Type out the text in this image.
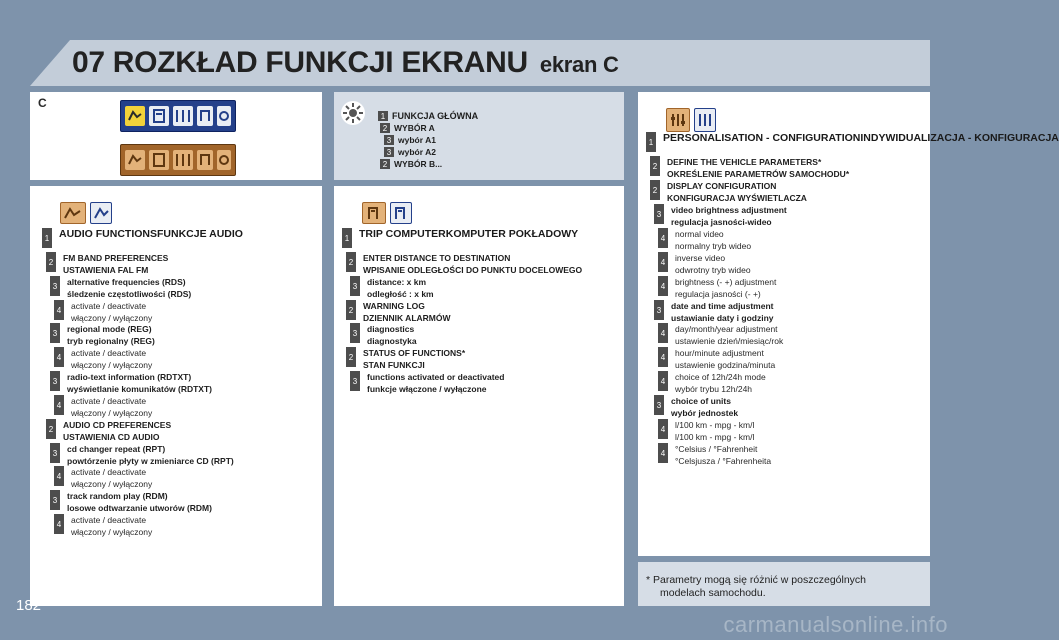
07 ROZKŁAD FUNKCJI EKRANU ekran C
C
1 FUNKCJA GŁÓWNA
2 WYBÓR A
3 wybór A1
3 wybór A2
2 WYBÓR B...
1 AUDIO FUNCTIONSFUNKCJE AUDIO
2	FM BAND PREFERENCES
USTAWIENIA FAL FM
3	alternative frequencies (RDS)
śledzenie częstotliwości (RDS)
4	activate / deactivate
włączony / wyłączony
3	regional mode (REG)
tryb regionalny (REG)
4	activate / deactivate
włączony / wyłączony
3	radio-text information (RDTXT)
wyświetlanie komunikatów (RDTXT)
4	activate / deactivate
włączony / wyłączony
2	AUDIO CD PREFERENCES
USTAWIENIA CD AUDIO
3	cd changer repeat (RPT)
powtórzenie płyty w zmieniarce CD (RPT)
4	activate / deactivate
włączony / wyłączony
3	track random play (RDM)
losowe odtwarzanie utworów (RDM)
4	activate / deactivate
włączony / wyłączony
1 TRIP COMPUTERKOMPUTER POKŁADOWY
2	ENTER DISTANCE TO DESTINATION
WPISANIE ODLEGŁOŚCI DO PUNKTU DOCELOWEGO
3	distance: x km
odległość : x km
2	WARNING LOG
DZIENNIK ALARMÓW
3	diagnostics
diagnostyka
2	STATUS OF FUNCTIONS*
STAN FUNKCJI
3	functions activated or deactivated
funkcje włączone / wyłączone
1 PERSONALISATION - CONFIGURATIONINDYWIDUALIZACJA - KONFIGURACJA
2	DEFINE THE VEHICLE PARAMETERS*
OKREŚLENIE PARAMETRÓW SAMOCHODU*
2	DISPLAY CONFIGURATION
KONFIGURACJA WYŚWIETLACZA
3	video brightness adjustment
regulacja jasności-wideo
4	normal video
normalny tryb wideo
4	inverse video
odwrotny tryb wideo
4	brightness (- +) adjustment
regulacja jasności (- +)
3	date and time adjustment
ustawianie daty i godziny
4	day/month/year adjustment
ustawienie dzień/miesiąc/rok
4	hour/minute adjustment
ustawienie godzina/minuta
4	choice of 12h/24h mode
wybór trybu 12h/24h
3	choice of units
wybór jednostek
4	l/100 km - mpg - km/l
l/100 km - mpg - km/l
4	°Celsius / °Fahrenheit
°Celsjusza / °Fahrenheita
* Parametry mogą się różnić w poszczególnych
modelach samochodu.
182
carmanualsonline.info
